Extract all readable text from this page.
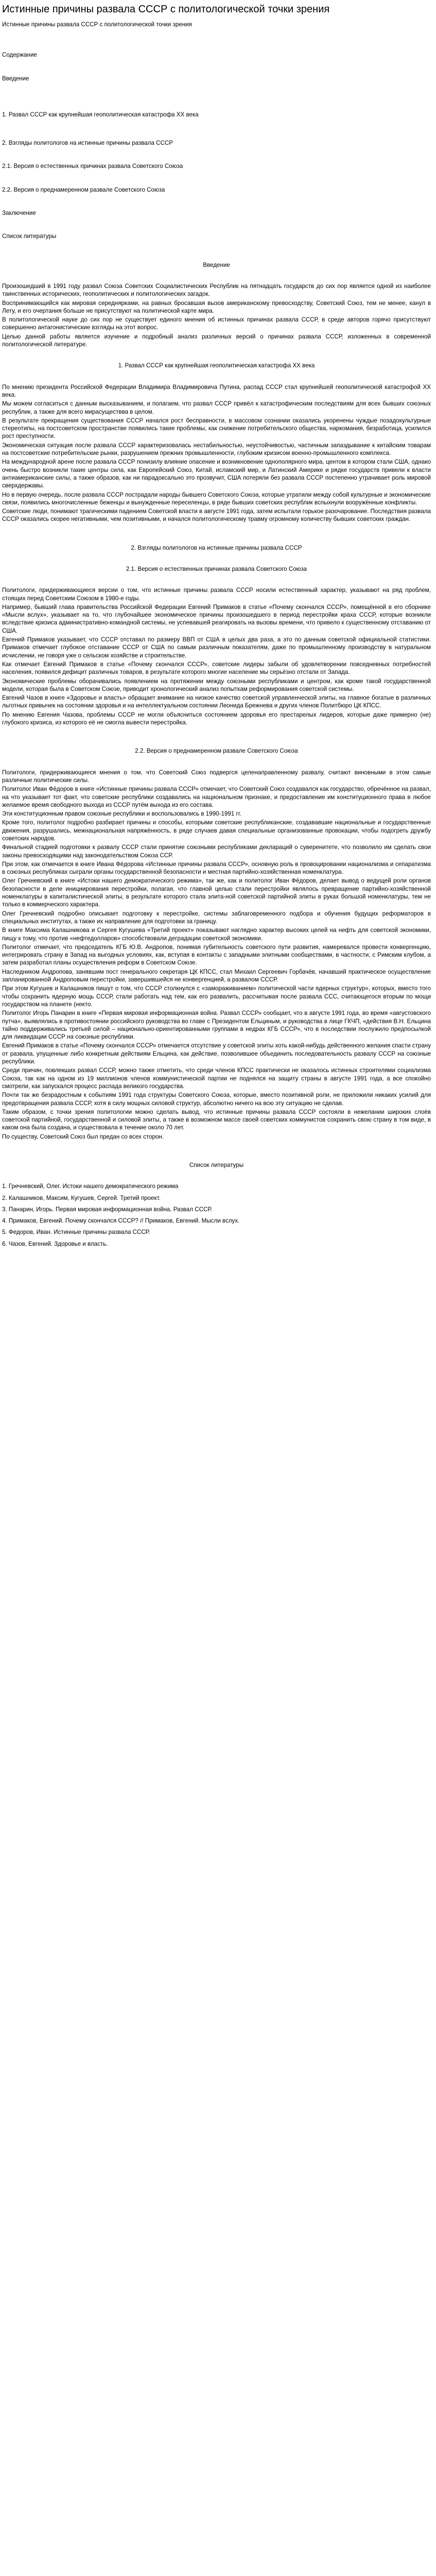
Истинные причины развала СССР с политологической точки зрения
Истинные причины развала СССР с политологической точки зрения
Содержание
Введение
1. Развал СССР как крупнейшая геополитическая катастрофа ХХ века
2. Взгляды политологов на истинные причины развала СССР
2.1. Версия о естественных причинах развала Советского Союза
2.2. Версия о преднамеренном развале Советского Союза
Заключение
Список литературы
Введение

Произошедший в 1991 году развал Союза Советских Социалистических Республик на пятнадцать государств до сих пор является одной из наиболее таинственных исторических, геополитических и политологических загадок.

Воспринимающийся как мировая середнярками, на равных бросавшая вызов американскому превосходству, Советский Союз, тем не менее, канул в Лету, и его очертания больше не присутствуют на политической карте мира.

В политологической науке до сих пор не существует единого мнения об истинных причинах развала СССР, в среде авторов горячо присутствуют совершенно антагонистические взгляды на этот вопрос.

Целью данной работы является изучение и подробный анализ различных версий о причинах развала СССР, изложенных в современной политологической литературе.

1. Развал СССР как крупнейшая геополитическая катастрофа ХХ века

По мнению президента Российской Федерации Владимира Владимировича Путина, распад СССР стал крупнейшей геополитической катастрофой ХХ века.

Мы можем согласиться с данным высказыванием, и полагаем, что развал СССР привёл к катастрофическим последствиям для всех бывших союзных республик, а также для всего мирасуществва в целом.

В результате прекращения существования СССР начался рост бесправности, в массовом сознании оказались укоренены чуждые позадокультурные стереотипы, на постсоветском пространстве появились такие проблемы, как снижение потребительского общества, наркомания, безработица, усилился рост преступности.

Экономическая ситуация после развала СССР характеризовалась нестабильностью, неустойчивостью, частичным запаздывание к китайским товарам на постсоветские потребительские рынки, разрушением прежних промышленности, глубоким кризисом военно-промышленного комплекса.

На международной арене после развала СССР понизилу влияние опасение и возникновение однополярного мира, центом в котором стали США, однако очень быстро возникли такие центры сила, как Европейский Союз, Китай, исламский мир, и Латинский Америке и рядке государств привели к власти антиамериканские силы, а также образов, как ни парадоксально это прозвучит, США потеряли без развала СССР постепенно утрачивает роль мировой сверхдержавы.

Но в первую очередь, после развала СССР пострадали народы бывшего Советского Союза, которые утратили между собой культурные и экономические связи, появились многочисленные беженцы и вынужденные переселенцы, в ряде бывших советских республик вспыхнули вооружённые конфликты.

Советские люди, понимают трагическими падением Советской власти в августе 1991 года, затем испытали горькое разочарование. Последствия развала СССР оказались скорее негативными, чем позитивными, и начался политологическому травму огромному количеству бывших советских граждан.

2. Взгляды политологов на истинные причины развала СССР
2.1. Версия о естественных причинах развала Советского Союза

Политологи, придерживающиеся версии о том, что истинные причины развала СССР носили естественный характер, указывают на ряд проблем, стоящих перед Советским Союзом в 1980-е годы.

Например, бывший глава правительства Российской Федерации Евгений Примаков в статье «Почему скончался СССР», помещённой в его сборнике «Мысли вслух», указывает на то, что глубочайшее экономическое причины произошедшего в период перестройки краха СССР, которые возникли вследствие кризиса административно-командной системы, не успевавшей реагировать на вызовы времени, что привело к существенному отставанию от США.

Евгений Примаков указывает, что СССР отставал по размеру ВВП от США в целых два раза, а это по данным советской официальной статистики. Примаков отмечает глубокое отставание СССР от США по самым различным показателям, даже по промышленному производству в натуральном исчислении, не говоря уже о сельском хозяйстве и строительстве.

Как отмечает Евгений Примаков в статье «Почему скончался СССР», советские лидеры забыли об удовлетворении повседневных потребностей населения, появился дефицит различных товаров, в результате которого многие население мы серьёзно отстали от Запада.

Экономические проблемы оборачивались появлением на протяжении между союзными республиками и центром, как кроме такой государственной модели, которая была в Советском Союзе, приводит хронологический анализ попыткам реформирования советской системы.

Евгений Чазов в книге «Здоровье и власть» обращает внимание на низкое качество советской управленческой элиты, на главное богатые в различных льготных привычек на состоянии здоровья и на интеллектуальном состоянии Леонида Брежнева и других членов Политбюро ЦК КПСС.

По мнению Евгения Чазова, проблемы СССР не могли объясниться состоянием здоровья его престарелых лидеров, которые даже примерно (не) глубокого кризиса, из которого её не смогла вывести перестройка.

2.2. Версия о преднамеренном развале Советского Союза

Политологи, придерживающиеся мнения о том, что Советский Союз подвергся целенаправленному развалу, считают виновными в этом самые различные политические силы.

Политолог Иван Фёдоров в книге «Истинные причины развала СССР» отмечает, что Советский Союз создавался как государство, обречённое на развал, на что указывает тот факт, что советские республики создавались на национальном признаке, и предоставление им конституционного права в любое желаемое время свободного выхода из СССР путём выхода из его состава.

Эти конституционным правом союзные республики и воспользовались в 1990-1991 гг.

Кроме того, политолог подробно разбирает причины и способы, которыми советские республиканские, создававшие национальные и государственные движения, разрушались, межнациональная напряжённость, в ряде случаев давая специальные организованные провокации, чтобы подогреть дружбу советских народов.

Финальной стадией подготовки к развалу СССР стали принятие союзными республиками деклараций о суверенитете, что позволило им сделать свои законы превосходящими над законодательством Союза ССР.

При этом, как отмечается в книге Ивана Фёдорова «Истинные причины развала СССР», основную роль в провоцировании национализма и сепаратизма в союзных республиках сыграли органы государственной безопасности и местная партийно-хозяйственная номенклатура.

Олег Гречневский в книге «Истоки нашего демократического режима», так же, как и политолог Иван Фёдоров, делает вывод о ведущей роли органов безопасности в деле инициирования перестройки, полагая, что главной целью стали перестройки являлось превращение партийно-хозяйственной номенклатуры в капиталистической элиты, в результате которого стала элита-ной советской партийной элиты в руках большой номенклатуры, тем не только в коммерческого характера.

Олег Гречневский подробно описывает подготовку к перестройке, системы заблаговременного подбора и обучения будущих реформаторов в специальных институтах, а также их направление для подготовки за границу.

В книге Максима Калашникова и Сергея Кугушева «Третий проект» показывают наглядно характер высоких целей на нефть для советской экономики, пищу к тому, что против «нефтедолларов» способствовали деградации советской экономики.

Политолог отмечает, что председатель КГБ Ю.В. Андропов, понимая губительность советского пути развития, намеревался провести конвергенцию, интегрировать страну в Запад на выгодных условиях, как, вступая в контакты с западными элитными сообществами, в частности, с Римским клубом, а затем разработал планы осуществления реформ в Советском Союзе.

Наследником Андропова, занявшим пост генерального секретаря ЦК КПСС, стал Михаил Сергеевич Горбачёв, начавший практическое осуществление запланированной Андроповым перестройки, завершившейся не конвергенцией, а развалом СССР.

При этом Кугушев и Калашников пишут о том, что СССР столкнулся с «замораживанием» политической части ядерных структур», которых, вместо того чтобы сохранить ядерную мощь СССР, стали работать над тем, как его развалить, рассчитывая после развала ССС, считающегося вторым по мощи государством на планете (некто.

Политолог Игорь Панарин в книге «Первая мировая информационная война. Развал СССР» сообщает, что в августе 1991 года, во время «августовского путча», выявлялись в противостоянии российского руководства во главе с Президентом Ельциным, и руководства в лице ГКЧП, «действия В.Н. Ельцина тайно поддерживались третьей силой – национально-ориентированными группами в недрах КГБ СССР», что в последствии послужило предпосылкой для ликвидации СССР на союзные республики.

Евгений Примаков в статье «Почему скончался СССР» отмечается отсутствие у советской элиты хоть какой-нибудь действенного желания спасти страну от развала, упущенные либо конкретным действиям Ельцина, как действие, позволившее объединить последовательность развалу СССР на союзные республики.

Среди причин, повлекших развал СССР, можно также отметить, что среди членов КПСС практически не оказалось истинных строителями социализма Союза, так как на одном из 19 миллионов членов коммунистической партии не поднялся на защиту страны в августе 1991 года, а все спокойно смотрели, как запускался процесс распада великого государства.

Почти так же безрадостным к событиям 1991 года структуры Советского Союза, которые, вместо позитивной роли, не приложили никаких усилий для предотвращения развала СССР, хотя в силу мощных силовой структур, абсолютно ничего на всю эту ситуацию не сделав.

Таким образом, с точки зрения политологии можно сделать вывод, что истинные причины развала СССР состояли в нежелании широких слоёв советской партийной, государственной и силовой элиты, а также в возможном массе своей советских коммунистов сохранить свою страну в том виде, в каком она была создана, и существовала в течение около 70 лет.

По существу, Советский Союз был предан со всех сторон.

Список литературы
1. Гречневский, Олег. Истоки нашего демократического режима
2. Калашников, Максим, Кугушев, Сергей. Третий проект.
3. Панарин, Игорь. Первая мировая информационная война. Развал СССР.
4. Примаков, Евгений. Почему скончался СССР? // Примаков, Евгений. Мысли вслух.
5. Федоров, Иван. Истинные причины развала СССР.
6. Чазов, Евгений. Здоровье и власть.
